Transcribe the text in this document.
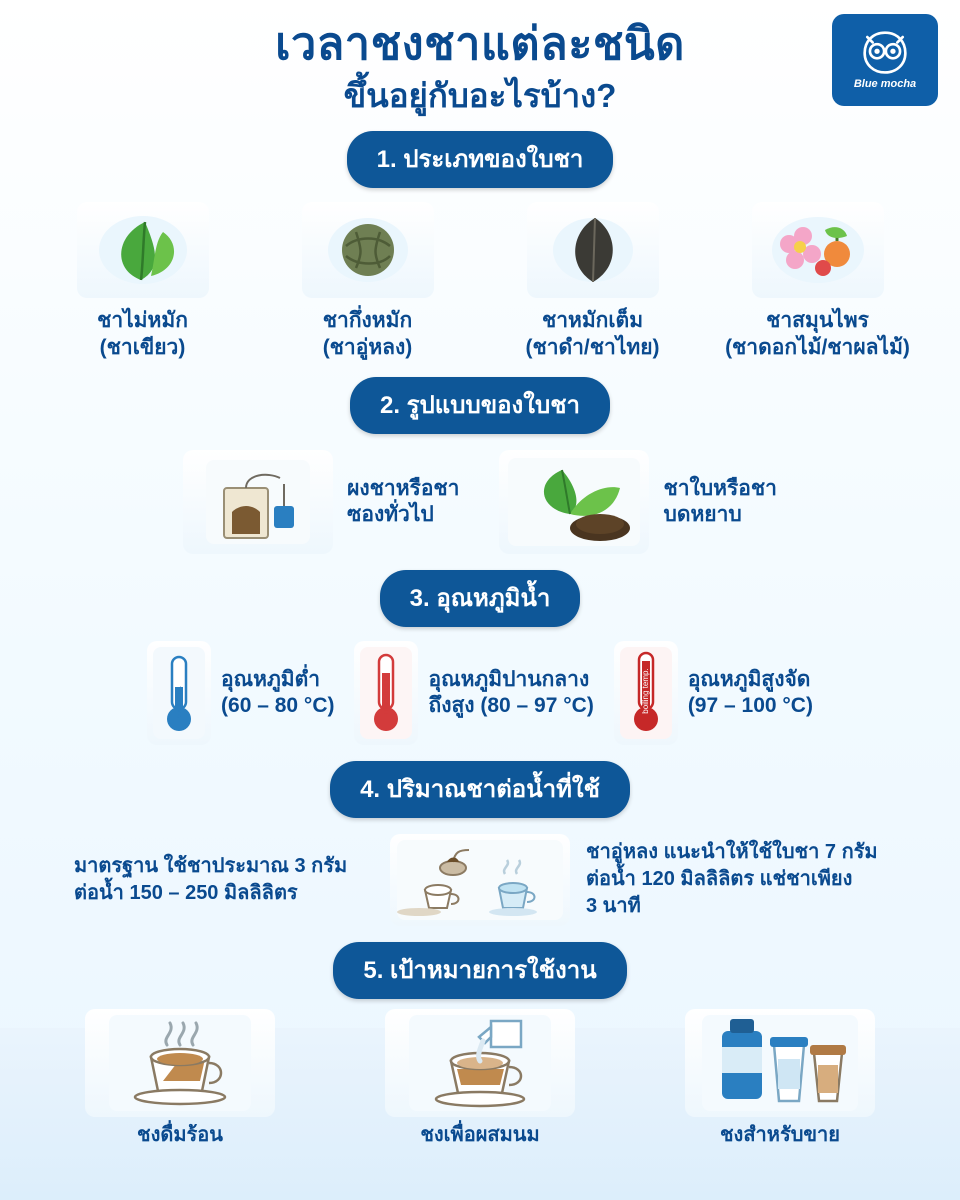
เวลาชงชาแต่ละชนิด
ขึ้นอยู่กับอะไรบ้าง?	Blue mocha
1. ประเภทของใบชา
ชาไม่หมัก
(ชาเขียว)
ชากึ่งหมัก
(ชาอู่หลง)
ชาหมักเต็ม
(ชาดำ/ชาไทย)
ชาสมุนไพร
(ชาดอกไม้/ชาผลไม้)
2. รูปแบบของใบชา
ผงชาหรือชา
ซองทั่วไป
ชาใบหรือชา
บดหยาบ
3. อุณหภูมิน้ำ
low temp.
อุณหภูมิต่ำ
(60 – 80 °C)	med-high
อุณหภูมิปานกลาง
ถึงสูง (80 – 97 °C)	boiling temp. อุณหภูมิสูงจัด
(97 – 100 °C)
4. ปริมาณชาต่อน้ำที่ใช้
มาตรฐาน ใช้ชาประมาณ 3 กรัม
ต่อน้ำ 150 – 250 มิลลิลิตร
ชาอู่หลง แนะนำให้ใช้ใบชา 7 กรัม
ต่อน้ำ 120 มิลลิลิตร แช่ชาเพียง
3 นาที
5. เป้าหมายการใช้งาน
ชงดื่มร้อน	ชงเพื่อผสมนม	ชงสำหรับขาย
